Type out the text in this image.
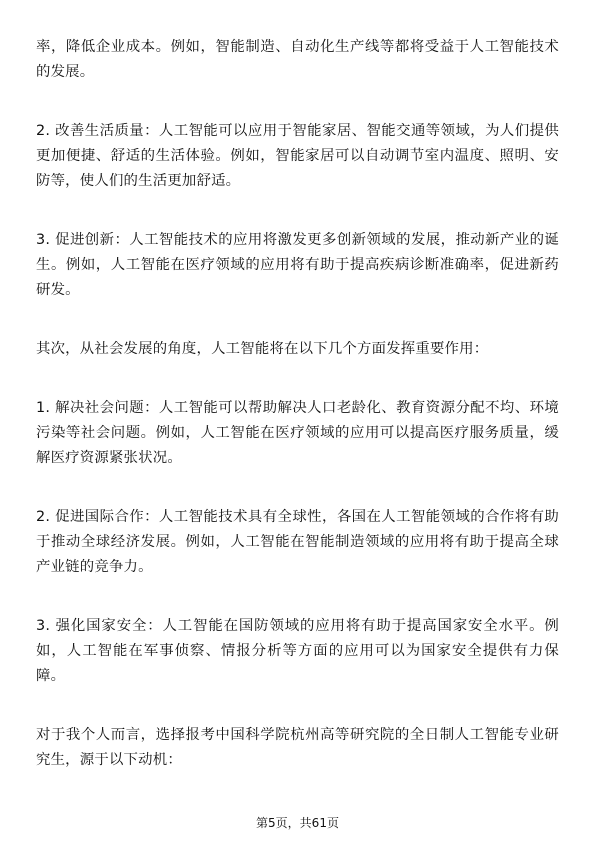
率，降低企业成本。例如，智能制造、自动化生产线等都将受益于人工智能技术的发展。

2. 改善生活质量：人工智能可以应用于智能家居、智能交通等领域，为人们提供更加便捷、舒适的生活体验。例如，智能家居可以自动调节室内温度、照明、安防等，使人们的生活更加舒适。

3. 促进创新：人工智能技术的应用将激发更多创新领域的发展，推动新产业的诞生。例如，人工智能在医疗领域的应用将有助于提高疾病诊断准确率，促进新药研发。

其次，从社会发展的角度，人工智能将在以下几个方面发挥重要作用：

1. 解决社会问题：人工智能可以帮助解决人口老龄化、教育资源分配不均、环境污染等社会问题。例如，人工智能在医疗领域的应用可以提高医疗服务质量，缓解医疗资源紧张状况。

2. 促进国际合作：人工智能技术具有全球性，各国在人工智能领域的合作将有助于推动全球经济发展。例如，人工智能在智能制造领域的应用将有助于提高全球产业链的竞争力。

3. 强化国家安全：人工智能在国防领域的应用将有助于提高国家安全水平。例如，人工智能在军事侦察、情报分析等方面的应用可以为国家安全提供有力保障。

对于我个人而言，选择报考中国科学院杭州高等研究院的全日制人工智能专业研究生，源于以下动机：

第5页，共61页
